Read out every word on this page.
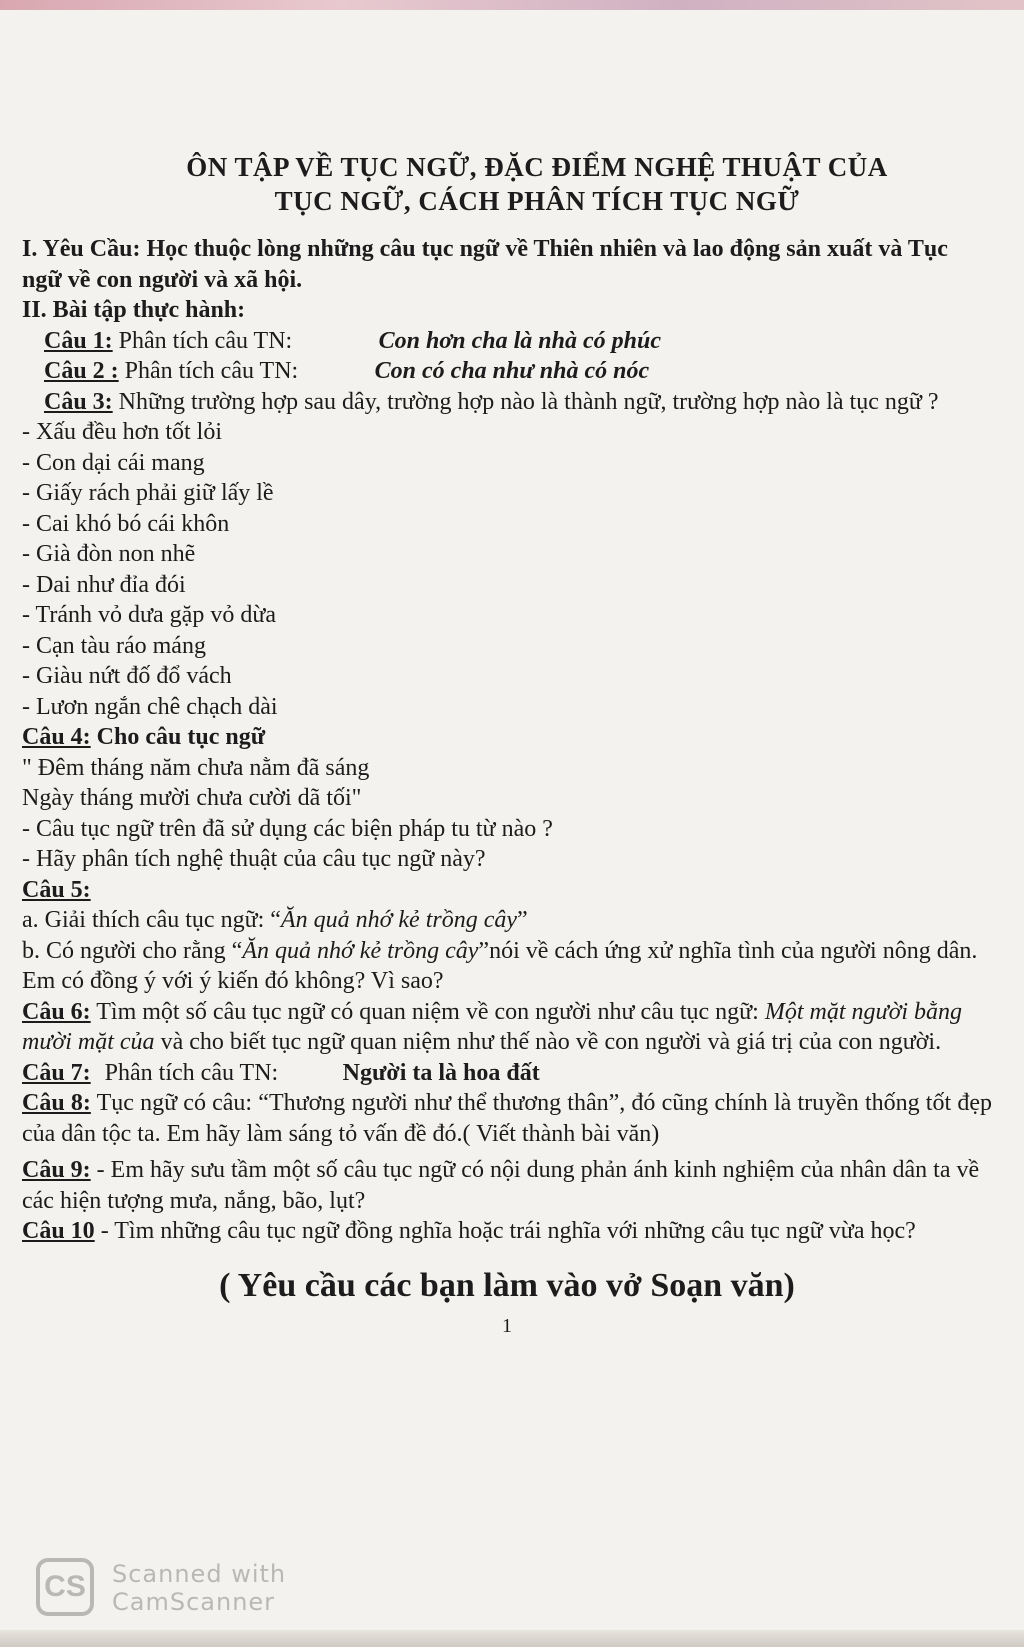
ÔN TẬP VỀ TỤC NGỮ, ĐẶC ĐIỂM NGHỆ THUẬT CỦA
TỤC NGỮ, CÁCH PHÂN TÍCH TỤC NGỮ
I. Yêu Cầu: Học thuộc lòng những câu tục ngữ về Thiên nhiên và lao động sản xuất và Tục ngữ về con người và xã hội.
II. Bài tập thực hành:
Câu 1: Phân tích câu TN:	Con hơn cha là nhà có phúc
Câu 2 : Phân tích câu TN:	Con có cha như nhà có nóc
Câu 3: Những trường hợp sau dây, trường hợp nào là thành ngữ, trường hợp nào là tục ngữ ?
- Xấu đều hơn tốt lỏi
- Con dại cái mang
- Giấy rách phải giữ lấy lề
- Cai khó bó cái khôn
- Già đòn non nhẽ
- Dai như đỉa đói
- Tránh vỏ dưa gặp vỏ dừa
- Cạn tàu ráo máng
- Giàu nứt đố đổ vách
- Lươn ngắn chê chạch dài
Câu 4: Cho câu tục ngữ
" Đêm tháng năm chưa nằm đã sáng
Ngày tháng mười chưa cười dã tối"
- Câu tục ngữ trên đã sử dụng các biện pháp tu từ nào ?
- Hãy phân tích nghệ thuật của câu tục ngữ này?
Câu 5:
a. Giải thích câu tục ngữ: “Ăn quả nhớ kẻ trồng cây”
b. Có người cho rằng “Ăn quả nhớ kẻ trồng cây”nói về cách ứng xử nghĩa tình của người nông dân. Em có đồng ý với ý kiến đó không? Vì sao?
Câu 6: Tìm một số câu tục ngữ có quan niệm về con người như câu tục ngữ: Một mặt người bằng mười mặt của và cho biết tục ngữ quan niệm như thế nào về con người và giá trị của con người.
Câu 7: Phân tích câu TN:	Người ta là hoa đất
Câu 8: Tục ngữ có câu: “Thương người như thể thương thân”, đó cũng chính là truyền thống tốt đẹp của dân tộc ta. Em hãy làm sáng tỏ vấn đề đó.( Viết thành bài văn)
Câu 9: - Em hãy sưu tầm một số câu tục ngữ có nội dung phản ánh kinh nghiệm của nhân dân ta về các hiện tượng mưa, nắng, bão, lụt?
Câu 10 - Tìm những câu tục ngữ đồng nghĩa hoặc trái nghĩa với những câu tục ngữ vừa học?
( Yêu cầu các bạn làm vào vở Soạn văn)
1
CS	Scanned with
CamScanner
